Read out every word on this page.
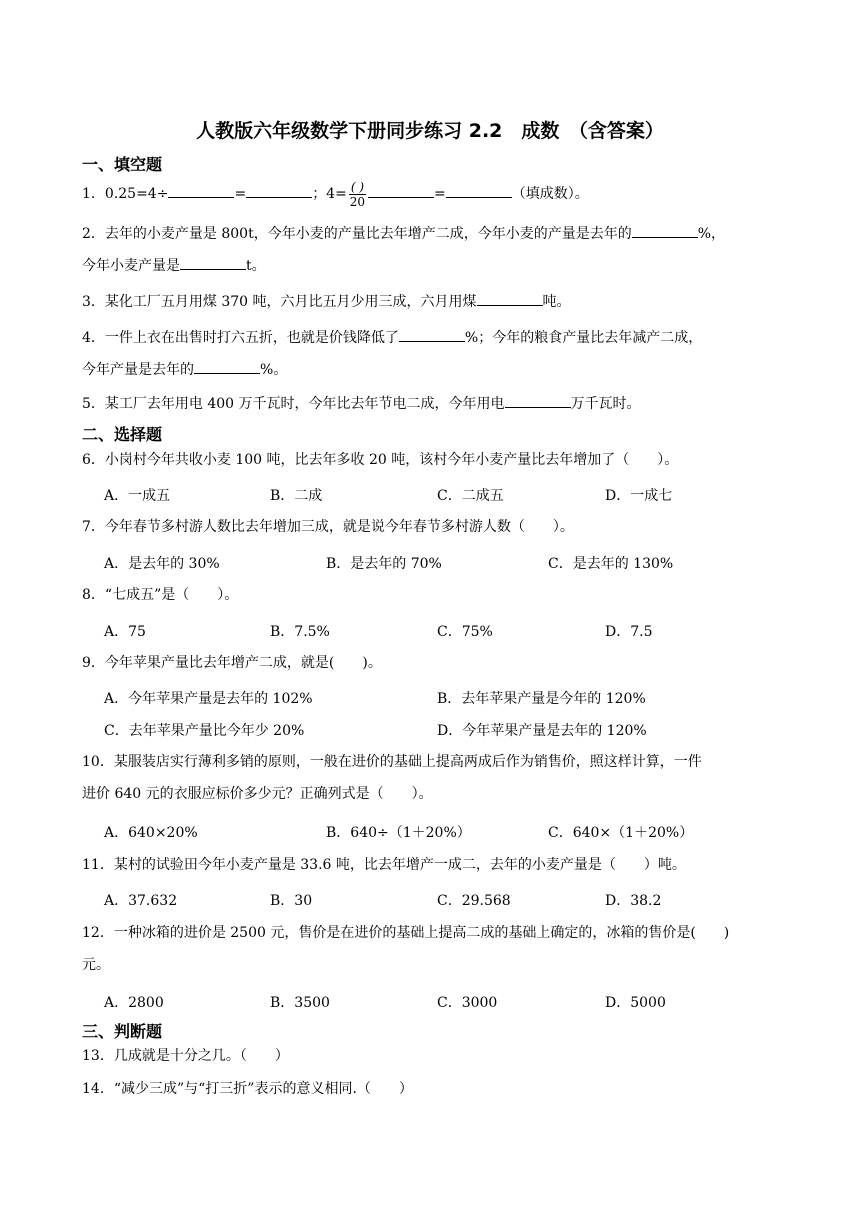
人教版六年级数学下册同步练习 2.2　成数　（含答案）
一、填空题
1．0.25=4÷	=	；$4= \frac{( )}{20}$	=	（填成数）。
2．去年的小麦产量是 800t，今年小麦的产量比去年增产二成，今年小麦的产量是去年的	%，
今年小麦产量是	t。
3．某化工厂五月用煤 370 吨，六月比五月少用三成，六月用煤	吨。
4．一件上衣在出售时打六五折，也就是价钱降低了	%；今年的粮食产量比去年减产二成，
今年产量是去年的	%。
5．某工厂去年用电 400 万千瓦时，今年比去年节电二成，今年用电	万千瓦时。
二、选择题
6．小岗村今年共收小麦 100 吨，比去年多收 20 吨，该村今年小麦产量比去年增加了（　　）。
A．一成五	B．二成	C．二成五	D．一成七
7．今年春节多村游人数比去年增加三成，就是说今年春节多村游人数（　　）。
A．是去年的 30%	B．是去年的 70%	C．是去年的 130%
8．“七成五”是（　　）。
A．75	B．7.5%	C．75%	D．7.5
9．今年苹果产量比去年增产二成，就是(　　)。
A．今年苹果产量是去年的 102%	B．去年苹果产量是今年的 120%
C．去年苹果产量比今年少 20%	D．今年苹果产量是去年的 120%
10．某服装店实行薄利多销的原则，一般在进价的基础上提高两成后作为销售价，照这样计算，一件
进价 640 元的衣服应标价多少元？正确列式是（　　）。
A．640×20%	B．640÷（1＋20%）	C．640×（1＋20%）
11．某村的试验田今年小麦产量是 33.6 吨，比去年增产一成二，去年的小麦产量是（　　）吨。
A．37.632	B．30	C．29.568	D．38.2
12．一种冰箱的进价是 2500 元，售价是在进价的基础上提高二成的基础上确定的，冰箱的售价是(　　)
元。
A．2800	B．3500	C．3000	D．5000
三、判断题
13．几成就是十分之几。（　　）
14．“减少三成”与“打三折”表示的意义相同.（　　）
